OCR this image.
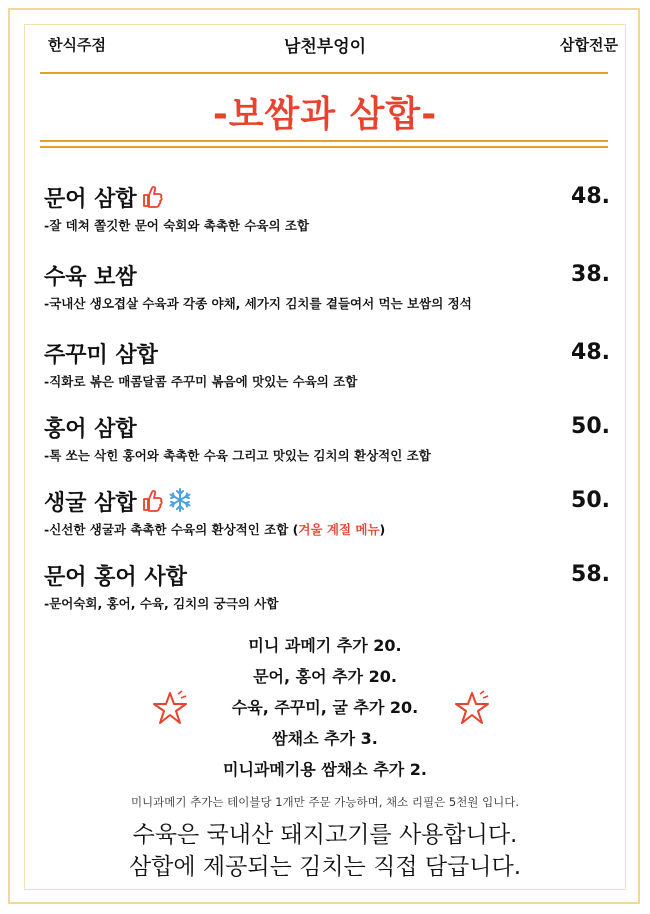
한식주점	남천부엉이	삼합전문
-보쌈과 삼합-
문어 삼합	48.
-잘 데쳐 쫄깃한 문어 숙회와 촉촉한 수육의 조합
수육 보쌈	38.
-국내산 생오겹살 수육과 각종 야채, 세가지 김치를 곁들여서 먹는 보쌈의 정석
주꾸미 삼합	48.
-직화로 볶은 매콤달콤 주꾸미 볶음에 맛있는 수육의 조합
홍어 삼합	50.
-톡 쏘는 삭힌 홍어와 촉촉한 수육 그리고 맛있는 김치의 환상적인 조합
생굴 삼합	50.
-신선한 생굴과 촉촉한 수육의 환상적인 조합 (겨울 계절 메뉴)
문어 홍어 사합	58.
-문어숙회, 홍어, 수육, 김치의 궁극의 사합
미니 과메기 추가 20.
문어, 홍어 추가 20.
수육, 주꾸미, 굴 추가 20.
쌈채소 추가 3.
미니과메기용 쌈채소 추가 2.
미니과메기 추가는 테이블당 1개만 주문 가능하며, 채소 리필은 5천원 입니다.
수육은 국내산 돼지고기를 사용합니다.
삼합에 제공되는 김치는 직접 담급니다.
